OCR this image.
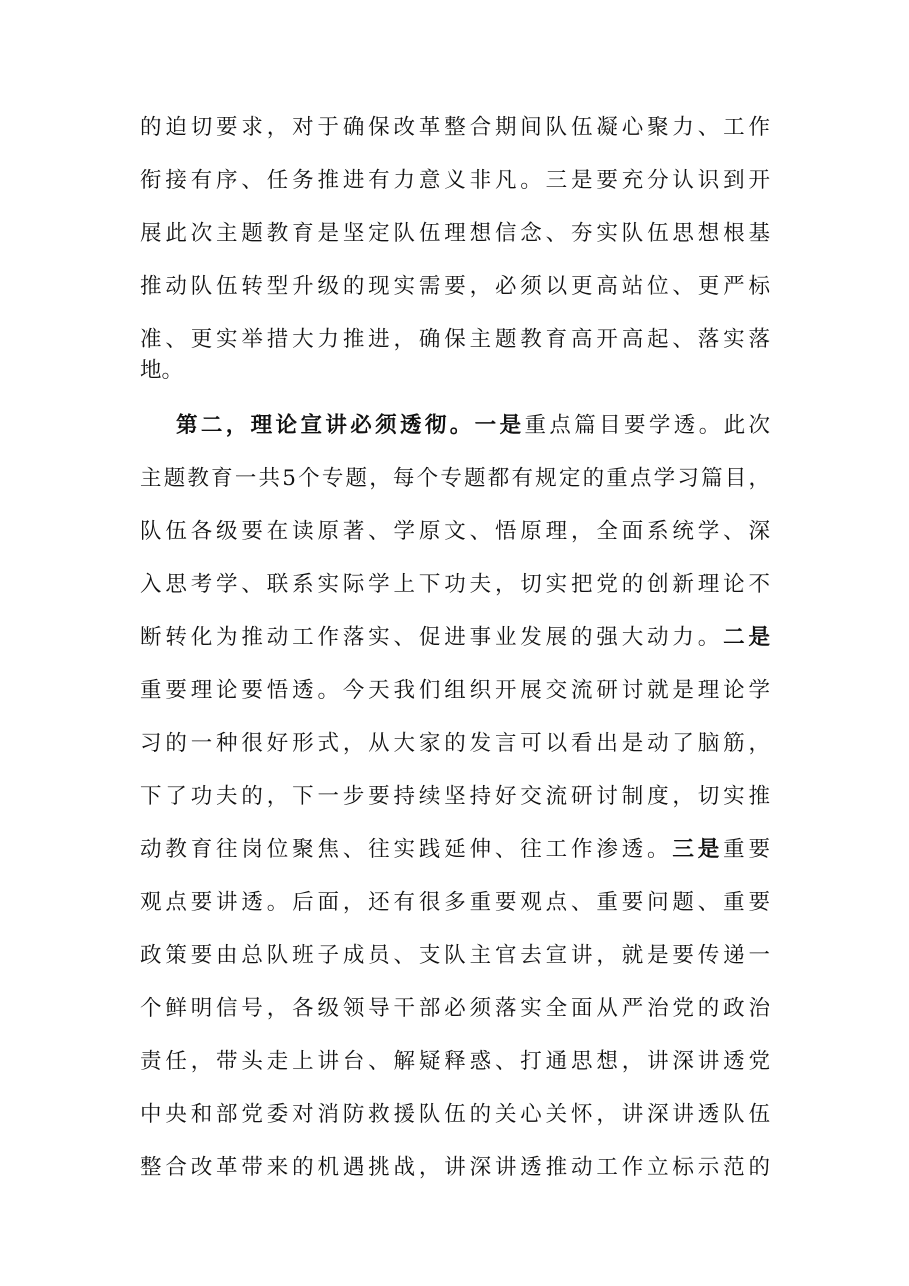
的迫切要求，对于确保改革整合期间队伍凝心聚力、工作
衔接有序、任务推进有力意义非凡。三是要充分认识到开
展此次主题教育是坚定队伍理想信念、夯实队伍思想根基
推动队伍转型升级的现实需要，必须以更高站位、更严标
准、更实举措大力推进，确保主题教育高开高起、落实落
地。
第二，理论宣讲必须透彻。一是重点篇目要学透。此次
主题教育一共5个专题，每个专题都有规定的重点学习篇目，
队伍各级要在读原著、学原文、悟原理，全面系统学、深
入思考学、联系实际学上下功夫，切实把党的创新理论不
断转化为推动工作落实、促进事业发展的强大动力。二是
重要理论要悟透。今天我们组织开展交流研讨就是理论学
习的一种很好形式，从大家的发言可以看出是动了脑筋，
下了功夫的，下一步要持续坚持好交流研讨制度，切实推
动教育往岗位聚焦、往实践延伸、往工作渗透。三是重要
观点要讲透。后面，还有很多重要观点、重要问题、重要
政策要由总队班子成员、支队主官去宣讲，就是要传递一
个鲜明信号，各级领导干部必须落实全面从严治党的政治
责任，带头走上讲台、解疑释惑、打通思想，讲深讲透党
中央和部党委对消防救援队伍的关心关怀，讲深讲透队伍
整合改革带来的机遇挑战，讲深讲透推动工作立标示范的
